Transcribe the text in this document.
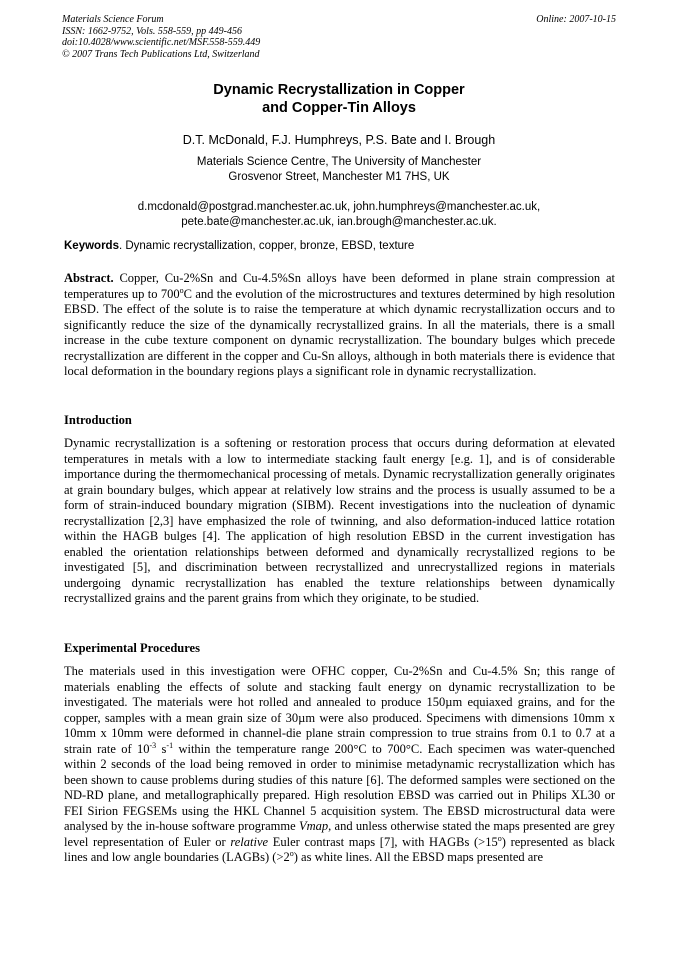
Materials Science Forum
ISSN: 1662-9752, Vols. 558-559, pp 449-456
doi:10.4028/www.scientific.net/MSF.558-559.449
© 2007 Trans Tech Publications Ltd, Switzerland
Online: 2007-10-15
Dynamic Recrystallization in Copper
and Copper-Tin Alloys
D.T. McDonald, F.J. Humphreys, P.S. Bate and I. Brough
Materials Science Centre, The University of Manchester
Grosvenor Street, Manchester M1 7HS, UK
d.mcdonald@postgrad.manchester.ac.uk, john.humphreys@manchester.ac.uk,
pete.bate@manchester.ac.uk, ian.brough@manchester.ac.uk.
Keywords. Dynamic recrystallization, copper, bronze, EBSD, texture
Abstract. Copper, Cu-2%Sn and Cu-4.5%Sn alloys have been deformed in plane strain compression at temperatures up to 700$^o$C and the evolution of the microstructures and textures determined by high resolution EBSD. The effect of the solute is to raise the temperature at which dynamic recrystallization occurs and to significantly reduce the size of the dynamically recrystallized grains. In all the materials, there is a small increase in the cube texture component on dynamic recrystallization. The boundary bulges which precede recrystallization are different in the copper and Cu-Sn alloys, although in both materials there is evidence that local deformation in the boundary regions plays a significant role in dynamic recrystallization.
Introduction
Dynamic recrystallization is a softening or restoration process that occurs during deformation at elevated temperatures in metals with a low to intermediate stacking fault energy [e.g. 1], and is of considerable importance during the thermomechanical processing of metals. Dynamic recrystallization generally originates at grain boundary bulges, which appear at relatively low strains and the process is usually assumed to be a form of strain-induced boundary migration (SIBM). Recent investigations into the nucleation of dynamic recrystallization [2,3] have emphasized the role of twinning, and also deformation-induced lattice rotation within the HAGB bulges [4]. The application of high resolution EBSD in the current investigation has enabled the orientation relationships between deformed and dynamically recrystallized regions to be investigated [5], and discrimination between recrystallized and unrecrystallized regions in materials undergoing dynamic recrystallization has enabled the texture relationships between dynamically recrystallized grains and the parent grains from which they originate, to be studied.
Experimental Procedures
The materials used in this investigation were OFHC copper, Cu-2%Sn and Cu-4.5% Sn; this range of materials enabling the effects of solute and stacking fault energy on dynamic recrystallization to be investigated. The materials were hot rolled and annealed to produce 150µm equiaxed grains, and for the copper, samples with a mean grain size of 30µm were also produced. Specimens with dimensions 10mm x 10mm x 10mm were deformed in channel-die plane strain compression to true strains from 0.1 to 0.7 at a strain rate of $10^{-3}$ $s^{-1}$ within the temperature range 200°C to 700°C. Each specimen was water-quenched within 2 seconds of the load being removed in order to minimise metadynamic recrystallization which has been shown to cause problems during studies of this nature [6]. The deformed samples were sectioned on the ND-RD plane, and metallographically prepared. High resolution EBSD was carried out in Philips XL30 or FEI Sirion FEGSEMs using the HKL Channel 5 acquisition system. The EBSD microstructural data were analysed by the in-house software programme Vmap, and unless otherwise stated the maps presented are grey level representation of Euler or relative Euler contrast maps [7], with HAGBs $(>15^o)$ represented as black lines and low angle boundaries (LAGBs) $(>2^o)$ as white lines. All the EBSD maps presented are
